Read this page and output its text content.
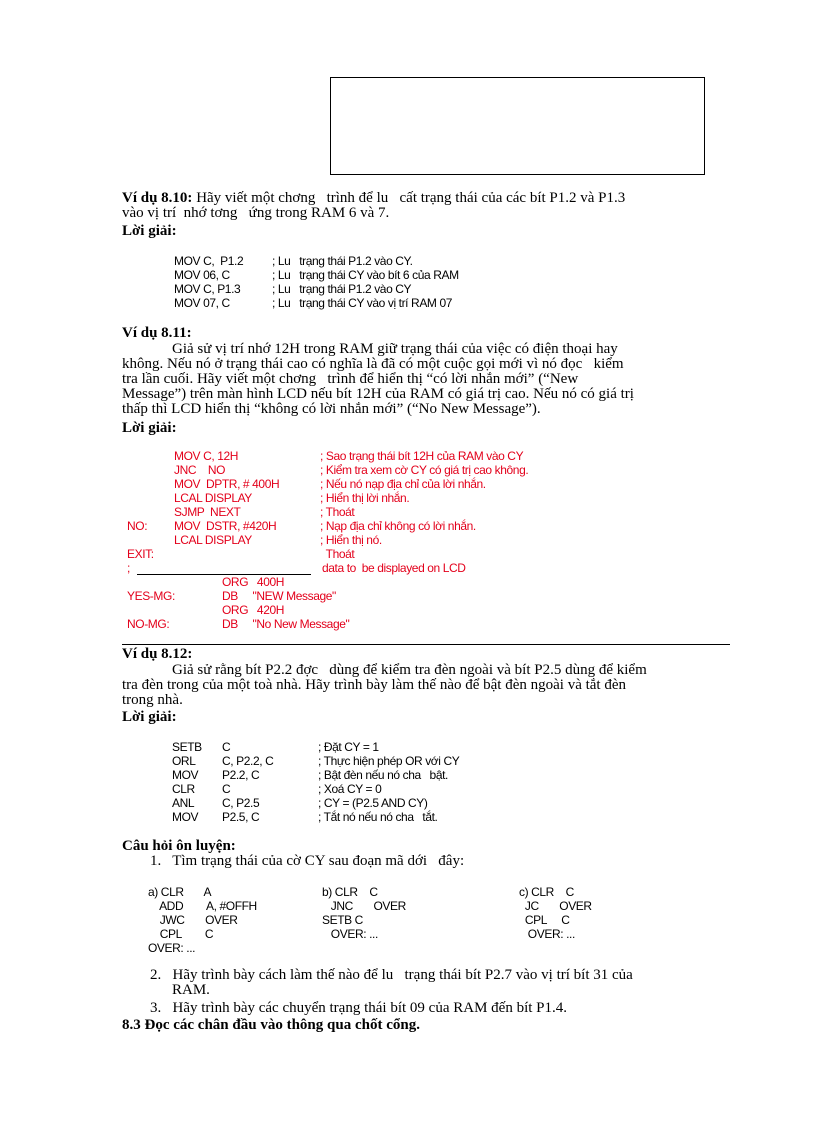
Ví dụ 8.10: Hãy viết một chơng   trình để lu   cất trạng thái của các bít P1.2 và P1.3
vào vị trí  nhớ tơng   ứng trong RAM 6 và 7.
Lời giải:
MOV C,  P1.2 ; Lu   trạng thái P1.2 vào CY.
MOV 06, C	; Lu   trạng thái CY vào bít 6 của RAM
MOV C, P1.3	; Lu   trạng thái P1.2 vào CY
MOV 07, C	; Lu   trạng thái CY vào vị trí RAM 07
Ví dụ 8.11:
Giả sử vị trí nhớ 12H trong RAM giữ trạng thái của việc có điện thoại hay
không. Nếu nó ở trạng thái cao có nghĩa là đã có một cuộc gọi mới vì nó đọc   kiểm
tra lần cuối. Hãy viết một chơng   trình để hiển thị “có lời nhắn mới” (“New
Message”) trên màn hình LCD nếu bít 12H của RAM có giá trị cao. Nếu nó có giá trị
thấp thì LCD hiển thị “không có lời nhắn mới” (“No New Message”).
Lời giải:
MOV C, 12H	; Sao trạng thái bít 12H của RAM vào CY
JNC    NO	; Kiểm tra xem cờ CY có giá trị cao không.
MOV  DPTR, # 400H	; Nếu nó nạp địa chỉ của lời nhắn.
LCAL DISPLAY	; Hiển thị lời nhắn.
SJMP  NEXT	; Thoát
NO: MOV  DSTR, #420H	; Nạp địa chỉ không có lời nhắn.
LCAL DISPLAY	; Hiển thị nó.
EXIT:	Thoát
;	data to  be displayed on LCD
ORG   400H
YES-MG:	DB     "NEW Message"
ORG   420H
NO-MG:	DB     "No New Message"
Ví dụ 8.12:
Giả sử rằng bít P2.2 đợc   dùng để kiểm tra đèn ngoài và bít P2.5 dùng để kiểm
tra đèn trong của một toà nhà. Hãy trình bày làm thế nào để bật đèn ngoài và tắt đèn
trong nhà.
Lời giải:
SETB C	; Đặt CY = 1
ORL C, P2.2, C	; Thực hiện phép OR với CY
MOV P2.2, C	; Bật đèn nếu nó cha   bật.
CLR C	; Xoá CY = 0
ANL C, P2.5	; CY = (P2.5 AND CY)
MOV P2.5, C	; Tắt nó nếu nó cha   tắt.
Câu hỏi ôn luyện:
1.   Tìm trạng thái của cờ CY sau đoạn mã dới   đây:
a) CLR       A
ADD        A, #OFFH
JWC       OVER
CPL        C
OVER: ...
b) CLR    C
JNC       OVER
SETB C
OVER: ...
c) CLR    C
JC       OVER
CPL     C
OVER: ...
2.   Hãy trình bày cách làm thế nào để lu   trạng thái bít P2.7 vào vị trí bít 31 của
RAM.
3.   Hãy trình bày các chuyển trạng thái bít 09 của RAM đến bít P1.4.
8.3 Đọc các chân đầu vào thông qua chốt cổng.
